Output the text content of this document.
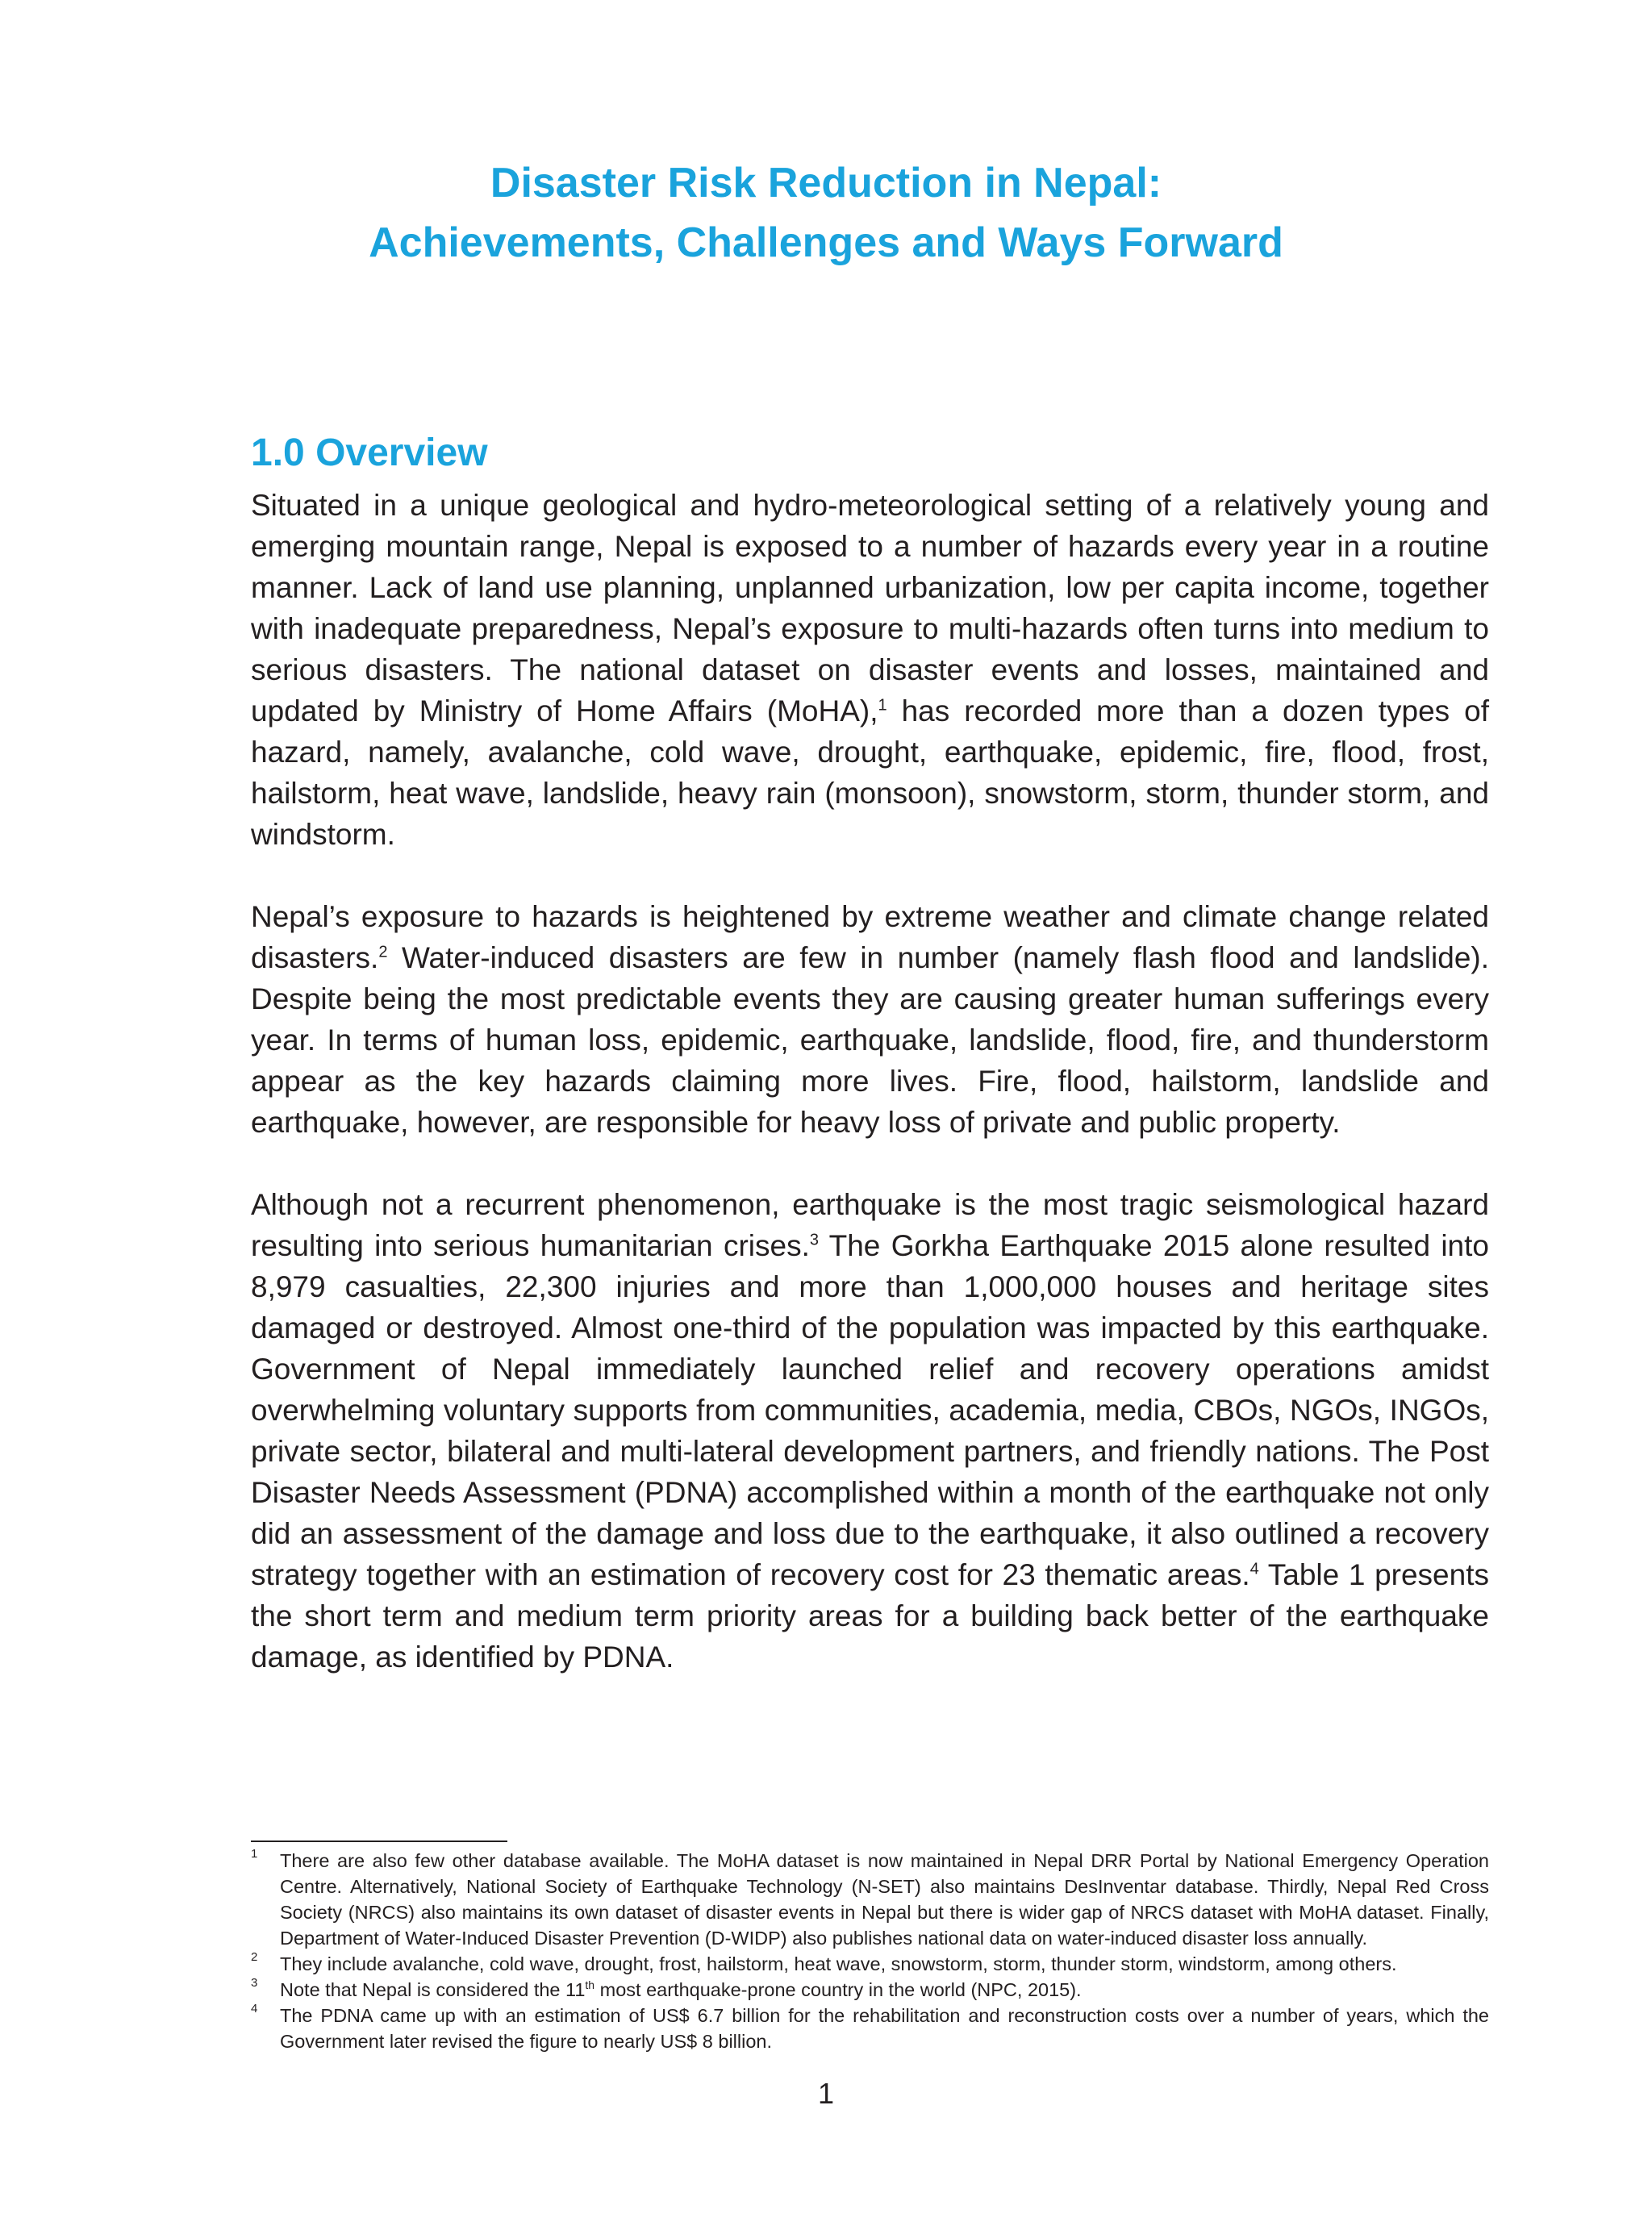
Disaster Risk Reduction in Nepal:
Achievements, Challenges and Ways Forward
1.0 Overview

Situated in a unique geological and hydro-meteorological setting of a relatively young and emerging mountain range, Nepal is exposed to a number of hazards every year in a routine manner. Lack of land use planning, unplanned urbanization, low per capita income, together with inadequate preparedness, Nepal’s exposure to multi-hazards often turns into medium to serious disasters. The national dataset on disaster events and losses, maintained and updated by Ministry of Home Affairs (MoHA),$^1$ has recorded more than a dozen types of hazard, namely, avalanche, cold wave, drought, earthquake, epidemic, fire, flood, frost, hailstorm, heat wave, landslide, heavy rain (monsoon), snowstorm, storm, thunder storm, and windstorm.

Nepal’s exposure to hazards is heightened by extreme weather and climate change related disasters.$^2$ Water-induced disasters are few in number (namely flash flood and landslide). Despite being the most predictable events they are causing greater human sufferings every year. In terms of human loss, epidemic, earthquake, landslide, flood, fire, and thunderstorm appear as the key hazards claiming more lives. Fire, flood, hailstorm, landslide and earthquake, however, are responsible for heavy loss of private and public property.

Although not a recurrent phenomenon, earthquake is the most tragic seismological hazard resulting into serious humanitarian crises.$^3$ The Gorkha Earthquake 2015 alone resulted into 8,979 casualties, 22,300 injuries and more than 1,000,000 houses and heritage sites damaged or destroyed. Almost one-third of the population was impacted by this earthquake. Government of Nepal immediately launched relief and recovery operations amidst overwhelming voluntary supports from communities, academia, media, CBOs, NGOs, INGOs, private sector, bilateral and multi-lateral development partners, and friendly nations. The Post Disaster Needs Assessment (PDNA) accomplished within a month of the earthquake not only did an assessment of the damage and loss due to the earthquake, it also outlined a recovery strategy together with an estimation of recovery cost for 23 thematic areas.$^4$ Table 1 presents the short term and medium term priority areas for a building back better of the earthquake damage, as identified by PDNA.

1 There are also few other database available. The MoHA dataset is now maintained in Nepal DRR Portal by National Emergency Operation Centre. Alternatively, National Society of Earthquake Technology (N-SET) also maintains DesInventar database. Thirdly, Nepal Red Cross Society (NRCS) also maintains its own dataset of disaster events in Nepal but there is wider gap of NRCS dataset with MoHA dataset. Finally, Department of Water-Induced Disaster Prevention (D-WIDP) also publishes national data on water-induced disaster loss annually.
2 They include avalanche, cold wave, drought, frost, hailstorm, heat wave, snowstorm, storm, thunder storm, windstorm, among others.
3 Note that Nepal is considered the 11th most earthquake-prone country in the world (NPC, 2015).
4 The PDNA came up with an estimation of US$ 6.7 billion for the rehabilitation and reconstruction costs over a number of years, which the Government later revised the figure to nearly US$ 8 billion.
1
